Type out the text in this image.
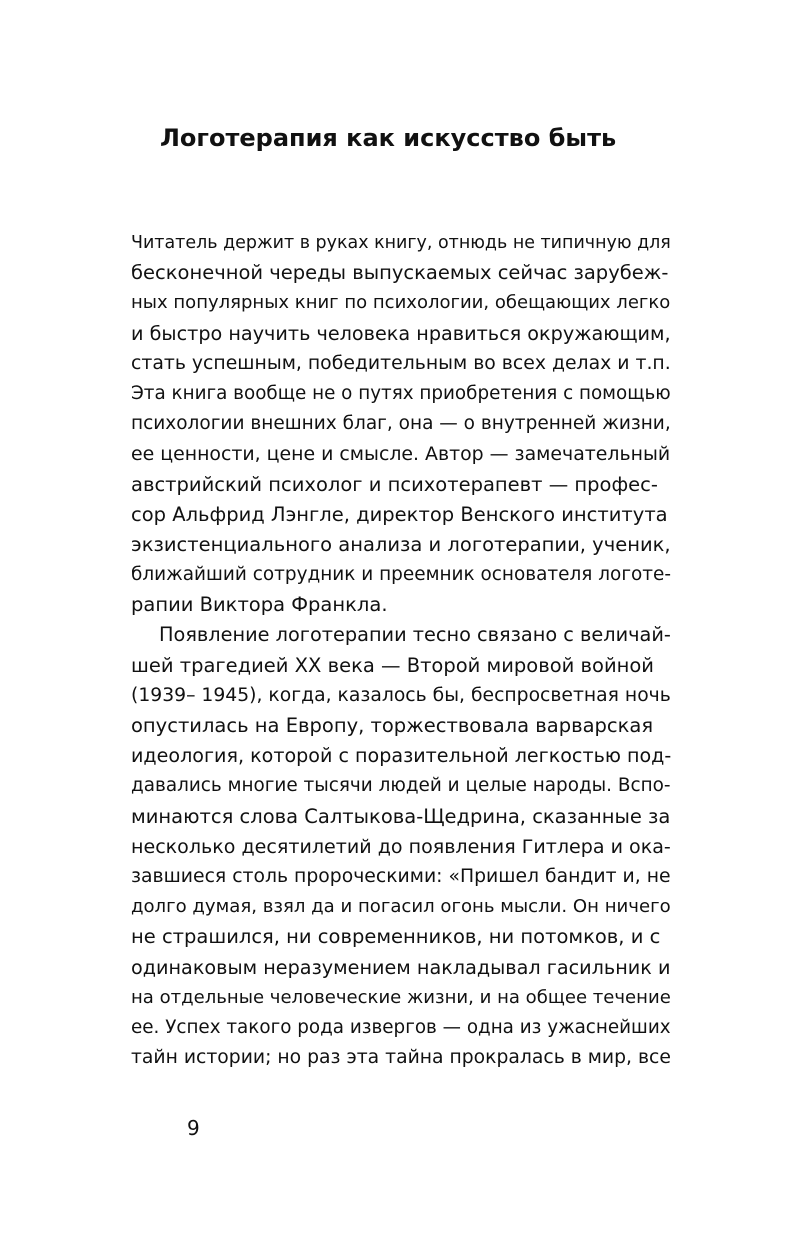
Логотерапия как искусство быть
Читатель держит в руках книгу, отнюдь не типичную для
бесконечной череды выпускаемых сейчас зарубеж-
ных популярных книг по психологии, обещающих легко
и быстро научить человека нравиться окружающим,
стать успешным, победительным во всех делах и т.п.
Эта книга вообще не о путях приобретения с помощью
психологии внешних благ, она — о внутренней жизни,
ее ценности, цене и смысле. Автор — замечательный
австрийский психолог и психотерапевт — профес-
сор Альфрид Лэнгле, директор Венского института
экзистенциального анализа и логотерапии, ученик,
ближайший сотрудник и преемник основателя логоте-
рапии Виктора Франкла.
Появление логотерапии тесно связано с величай-
шей трагедией XX века — Второй мировой войной
(1939– 1945), когда, казалось бы, беспросветная ночь
опустилась на Европу, торжествовала варварская
идеология, которой с поразительной легкостью под-
давались многие тысячи людей и целые народы. Вспо-
минаются слова Салтыкова-Щедрина, сказанные за
несколько десятилетий до появления Гитлера и ока-
завшиеся столь пророческими: «Пришел бандит и, не
долго думая, взял да и погасил огонь мысли. Он ничего
не страшился, ни современников, ни потомков, и с
одинаковым неразумением накладывал гасильник и
на отдельные человеческие жизни, и на общее течение
ее. Успех такого рода извергов — одна из ужаснейших
тайн истории; но раз эта тайна прокралась в мир, все
9
